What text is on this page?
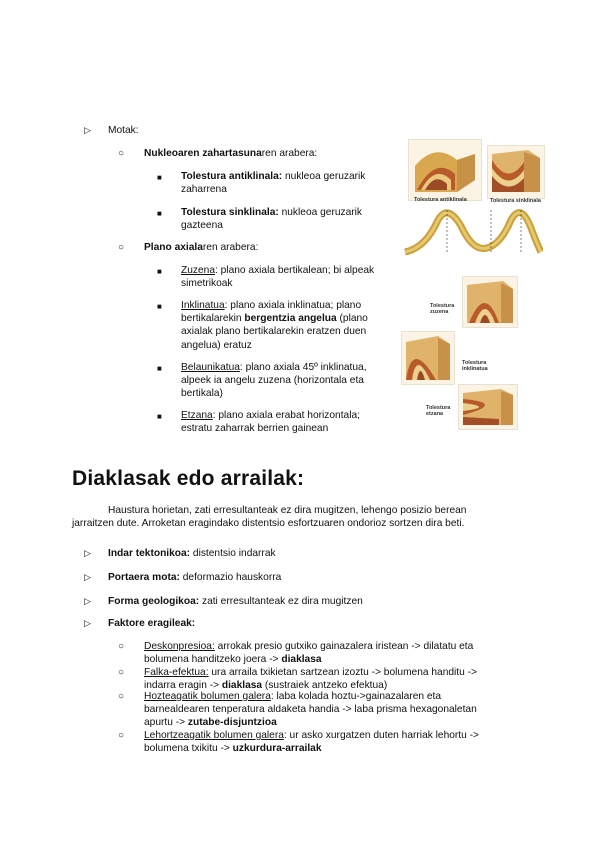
▷ Motak:
○ Nukleoaren zahartasunaren arabera:
■ Tolestura antiklinala: nukleoa geruzarik
zaharrena
■ Tolestura sinklinala: nukleoa geruzarik
gazteena
○ Plano axialaren arabera:
■ Zuzena: plano axiala bertikalean; bi alpeak
simetrikoak
■ Inklinatua: plano axiala inklinatua; plano
bertikalarekin bergentzia angelua (plano
axialak plano bertikalarekin eratzen duen
angelua) eratuz
■ Belaunikatua: plano axiala 45º inklinatua,
alpeek ia angelu zuzena (horizontala eta
bertikala)
■ Etzana: plano axiala erabat horizontala;
estratu zaharrak berrien gainean
Tolestura antiklinala	Tolestura sinklinala
Tolestura
zuzena
Tolestura
inklinatua
Tolestura
etzana
Diaklasak edo arrailak:
Haustura horietan, zati erresultanteak ez dira mugitzen, lehengo posizio berean
jarraitzen dute. Arroketan eragindako distentsio esfortzuaren ondorioz sortzen dira beti.
▷ Indar tektonikoa: distentsio indarrak
▷ Portaera mota: deformazio hauskorra
▷ Forma geologikoa: zati erresultanteak ez dira mugitzen
▷ Faktore eragileak:
○ Deskonpresioa: arrokak presio gutxiko gainazalera iristean -> dilatatu eta
bolumena handitzeko joera -> diaklasa
○ Falka-efektua: ura arraila txikietan sartzean izoztu -> bolumena handitu ->
indarra eragin -> diaklasa (sustraiek antzeko efektua)
○ Hozteagatik bolumen galera: laba kolada hoztu->gainazalaren eta
barnealdearen tenperatura aldaketa handia -> laba prisma hexagonaletan
apurtu -> zutabe-disjuntzioa
○ Lehortzeagatik bolumen galera: ur asko xurgatzen duten harriak lehortu ->
bolumena txikitu -> uzkurdura-arrailak
